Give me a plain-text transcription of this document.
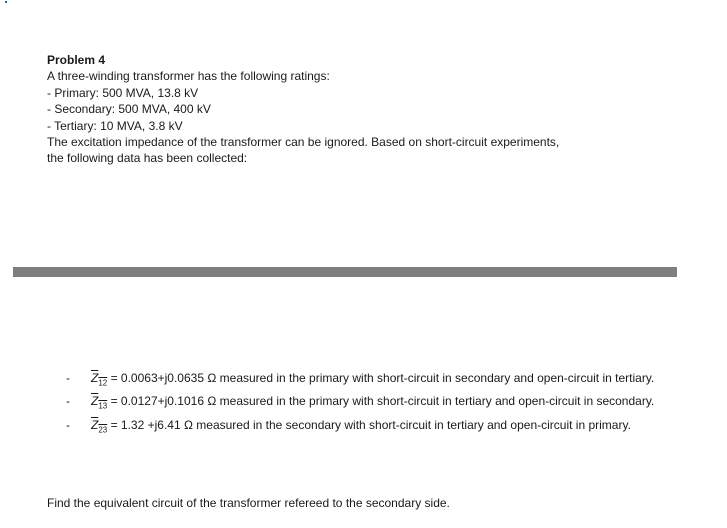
Problem 4
A three-winding transformer has the following ratings:
- Primary: 500 MVA, 13.8 kV
- Secondary: 500 MVA, 400 kV
- Tertiary: 10 MVA, 3.8 kV
The excitation impedance of the transformer can be ignored. Based on short-circuit experiments,
the following data has been collected:
- $Z_{12} = 0.0063+j0.0635$ Ω measured in the primary with short-circuit in secondary and open-circuit in tertiary.
- $Z_{13} = 0.0127+j0.1016$ Ω measured in the primary with short-circuit in tertiary and open-circuit in secondary.
- $Z_{23} = 1.32 +j6.41$ Ω measured in the secondary with short-circuit in tertiary and open-circuit in primary.
Find the equivalent circuit of the transformer refereed to the secondary side.
